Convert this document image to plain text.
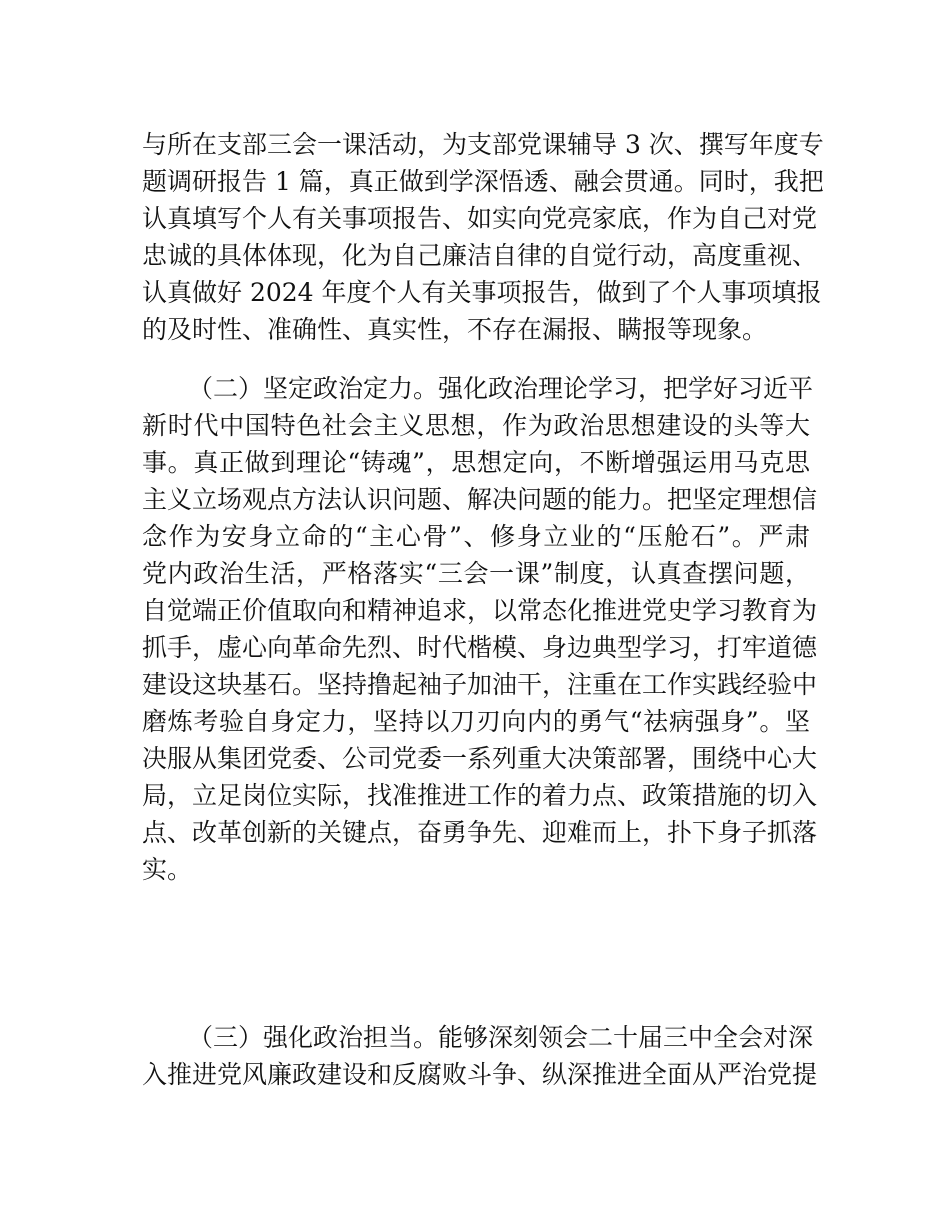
与所在支部三会一课活动，为支部党课辅导 3 次、撰写年度专
题调研报告 1 篇，真正做到学深悟透、融会贯通。同时，我把
认真填写个人有关事项报告、如实向党亮家底，作为自己对党
忠诚的具体体现，化为自己廉洁自律的自觉行动，高度重视、
认真做好 2024 年度个人有关事项报告，做到了个人事项填报
的及时性、准确性、真实性，不存在漏报、瞒报等现象。
（二）坚定政治定力。强化政治理论学习，把学好习近平
新时代中国特色社会主义思想，作为政治思想建设的头等大
事。真正做到理论“铸魂”，思想定向，不断增强运用马克思
主义立场观点方法认识问题、解决问题的能力。把坚定理想信
念作为安身立命的“主心骨”、修身立业的“压舱石”。严肃
党内政治生活，严格落实“三会一课”制度，认真查摆问题，
自觉端正价值取向和精神追求，以常态化推进党史学习教育为
抓手，虚心向革命先烈、时代楷模、身边典型学习，打牢道德
建设这块基石。坚持撸起袖子加油干，注重在工作实践经验中
磨炼考验自身定力，坚持以刀刃向内的勇气“祛病强身”。坚
决服从集团党委、公司党委一系列重大决策部署，围绕中心大
局，立足岗位实际，找准推进工作的着力点、政策措施的切入
点、改革创新的关键点，奋勇争先、迎难而上，扑下身子抓落
实。
（三）强化政治担当。能够深刻领会二十届三中全会对深
入推进党风廉政建设和反腐败斗争、纵深推进全面从严治党提
